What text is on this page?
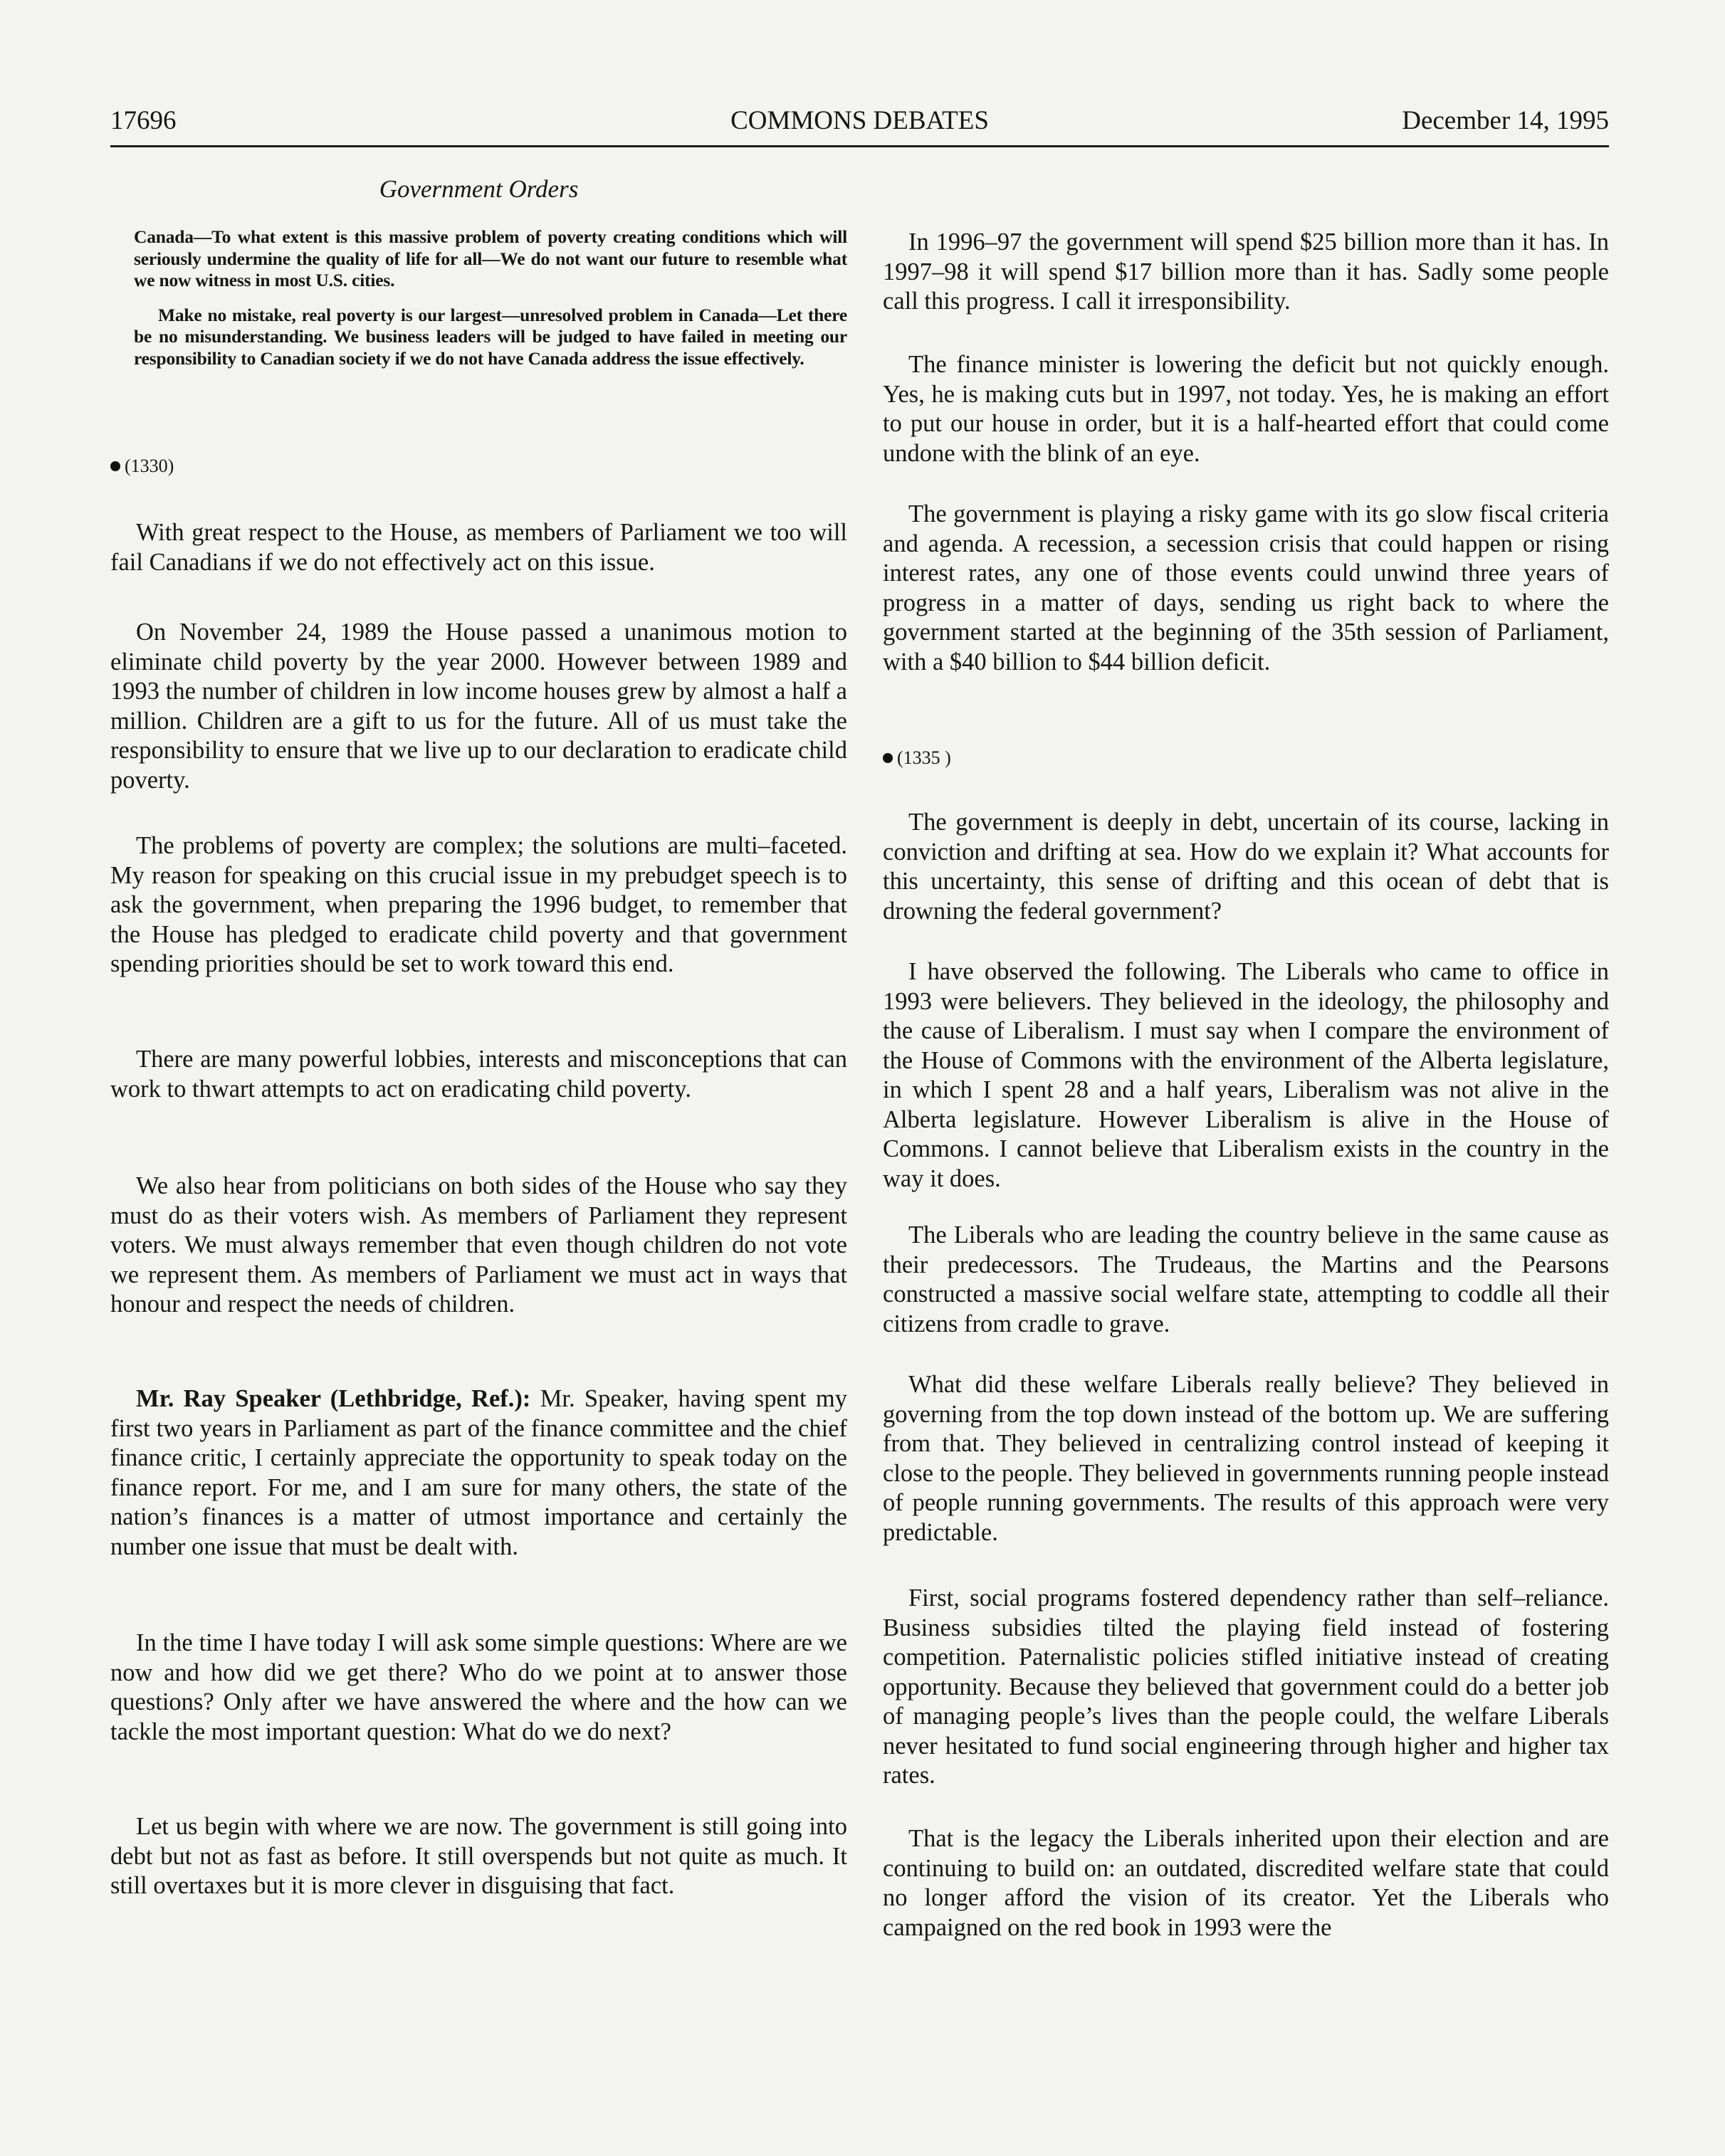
17696	COMMONS DEBATES	December 14, 1995
Government Orders

Canada—To what extent is this massive problem of poverty creating conditions which will seriously undermine the quality of life for all—We do not want our future to resemble what we now witness in most U.S. cities.

Make no mistake, real poverty is our largest—unresolved problem in Canada—Let there be no misunderstanding. We business leaders will be judged to have failed in meeting our responsibility to Canadian society if we do not have Canada address the issue effectively.

(1330)

With great respect to the House, as members of Parliament we too will fail Canadians if we do not effectively act on this issue.

On November 24, 1989 the House passed a unanimous motion to eliminate child poverty by the year 2000. However between 1989 and 1993 the number of children in low income houses grew by almost a half a million. Children are a gift to us for the future. All of us must take the responsibility to ensure that we live up to our declaration to eradicate child poverty.

The problems of poverty are complex; the solutions are multi–faceted. My reason for speaking on this crucial issue in my prebudget speech is to ask the government, when preparing the 1996 budget, to remember that the House has pledged to eradicate child poverty and that government spending priorities should be set to work toward this end.

There are many powerful lobbies, interests and misconceptions that can work to thwart attempts to act on eradicating child poverty.

We also hear from politicians on both sides of the House who say they must do as their voters wish. As members of Parliament they represent voters. We must always remember that even though children do not vote we represent them. As members of Parliament we must act in ways that honour and respect the needs of children.

Mr. Ray Speaker (Lethbridge, Ref.): Mr. Speaker, having spent my first two years in Parliament as part of the finance committee and the chief finance critic, I certainly appreciate the opportunity to speak today on the finance report. For me, and I am sure for many others, the state of the nation’s finances is a matter of utmost importance and certainly the number one issue that must be dealt with.

In the time I have today I will ask some simple questions: Where are we now and how did we get there? Who do we point at to answer those questions? Only after we have answered the where and the how can we tackle the most important question: What do we do next?

Let us begin with where we are now. The government is still going into debt but not as fast as before. It still overspends but not quite as much. It still overtaxes but it is more clever in disguising that fact.

In 1996–97 the government will spend $25 billion more than it has. In 1997–98 it will spend $17 billion more than it has. Sadly some people call this progress. I call it irresponsibility.

The finance minister is lowering the deficit but not quickly enough. Yes, he is making cuts but in 1997, not today. Yes, he is making an effort to put our house in order, but it is a half-hearted effort that could come undone with the blink of an eye.

The government is playing a risky game with its go slow fiscal criteria and agenda. A recession, a secession crisis that could happen or rising interest rates, any one of those events could unwind three years of progress in a matter of days, sending us right back to where the government started at the beginning of the 35th session of Parliament, with a $40 billion to $44 billion deficit.

(1335 )

The government is deeply in debt, uncertain of its course, lacking in conviction and drifting at sea. How do we explain it? What accounts for this uncertainty, this sense of drifting and this ocean of debt that is drowning the federal government?

I have observed the following. The Liberals who came to office in 1993 were believers. They believed in the ideology, the philosophy and the cause of Liberalism. I must say when I compare the environment of the House of Commons with the environment of the Alberta legislature, in which I spent 28 and a half years, Liberalism was not alive in the Alberta legislature. However Liberalism is alive in the House of Commons. I cannot believe that Liberalism exists in the country in the way it does.

The Liberals who are leading the country believe in the same cause as their predecessors. The Trudeaus, the Martins and the Pearsons constructed a massive social welfare state, attempting to coddle all their citizens from cradle to grave.

What did these welfare Liberals really believe? They believed in governing from the top down instead of the bottom up. We are suffering from that. They believed in centralizing control instead of keeping it close to the people. They believed in governments running people instead of people running governments. The results of this approach were very predictable.

First, social programs fostered dependency rather than self–reliance. Business subsidies tilted the playing field instead of fostering competition. Paternalistic policies stifled initiative instead of creating opportunity. Because they believed that government could do a better job of managing people’s lives than the people could, the welfare Liberals never hesitated to fund social engineering through higher and higher tax rates.

That is the legacy the Liberals inherited upon their election and are continuing to build on: an outdated, discredited welfare state that could no longer afford the vision of its creator. Yet the Liberals who campaigned on the red book in 1993 were the
